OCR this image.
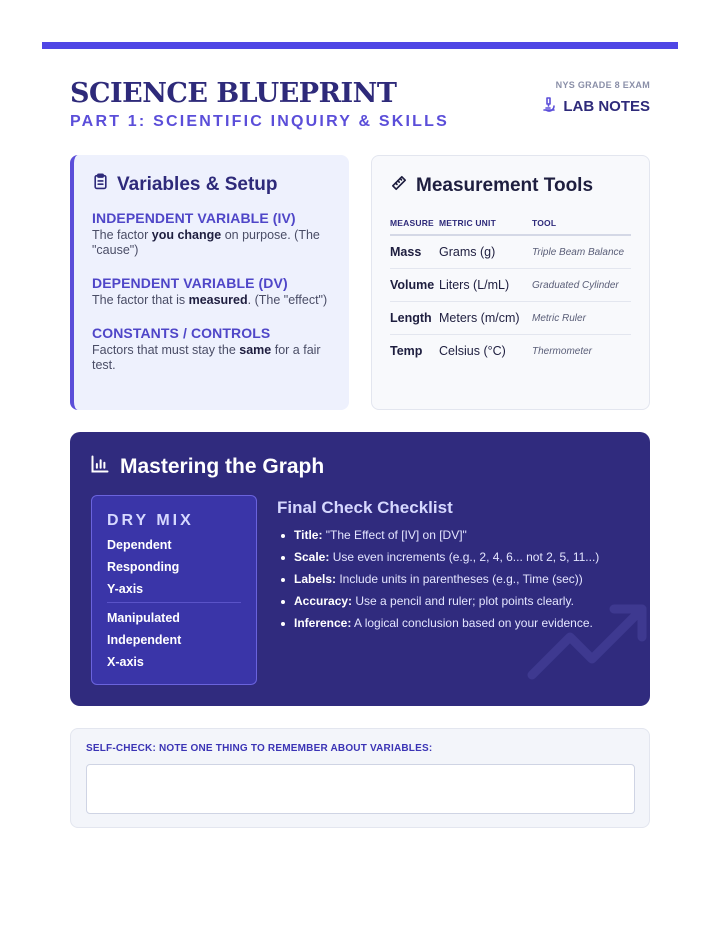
SCIENCE BLUEPRINT
PART 1: SCIENTIFIC INQUIRY & SKILLS
NYS GRADE 8 EXAM
LAB NOTES
Variables & Setup
INDEPENDENT VARIABLE (IV)
The factor you change on purpose. (The "cause")
DEPENDENT VARIABLE (DV)
The factor that is measured. (The "effect")
CONSTANTS / CONTROLS
Factors that must stay the same for a fair test.
Measurement Tools
MEASURE	METRIC UNIT	TOOL
Mass	Grams (g)	Triple Beam Balance
Volume	Liters (L/mL)	Graduated Cylinder
Length	Meters (m/cm)	Metric Ruler
Temp	Celsius (°C)	Thermometer
Mastering the Graph
DRY MIX
Dependent
Responding
Y-axis
Manipulated
Independent
X-axis
Final Check Checklist
Title: "The Effect of [IV] on [DV]"
Scale: Use even increments (e.g., 2, 4, 6... not 2, 5, 11...)
Labels: Include units in parentheses (e.g., Time (sec))
Accuracy: Use a pencil and ruler; plot points clearly.
Inference: A logical conclusion based on your evidence.
SELF-CHECK: NOTE ONE THING TO REMEMBER ABOUT VARIABLES:
